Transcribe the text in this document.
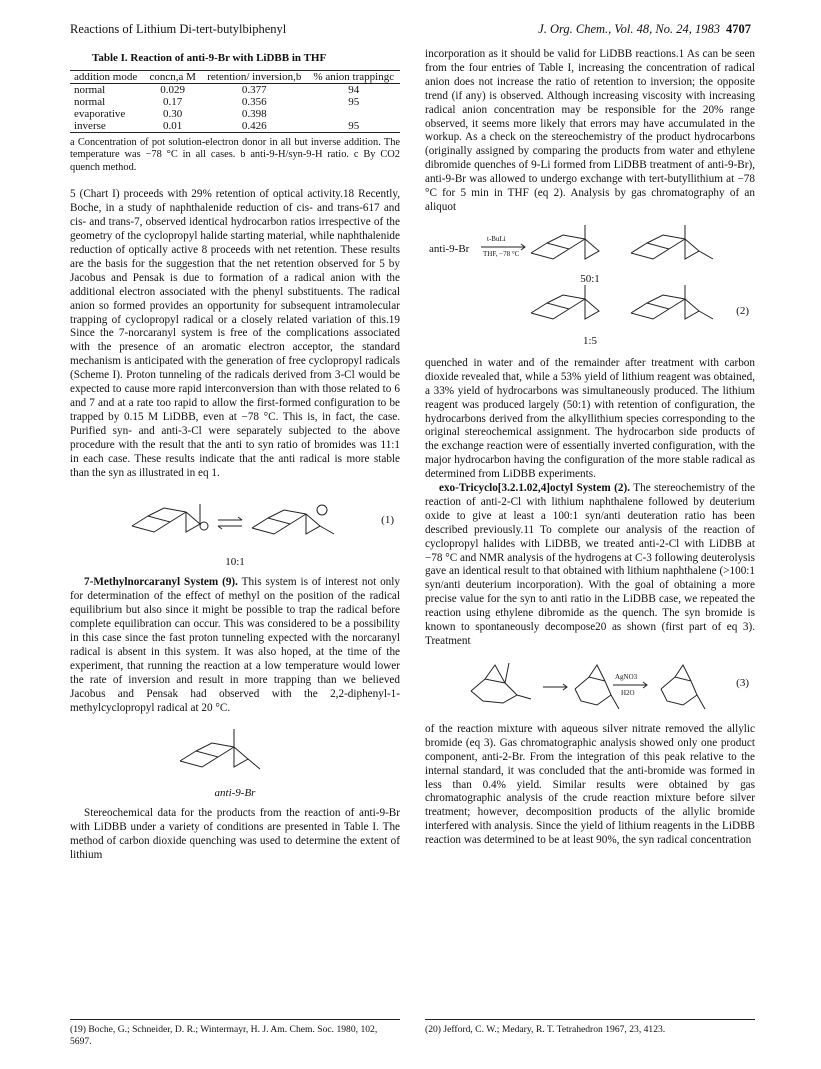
Reactions of Lithium Di-tert-butylbiphenyl	J. Org. Chem., Vol. 48, No. 24, 1983 4707
Table I. Reaction of anti-9-Br with LiDBB in THF
addition mode	concn,a M	retention/ inversion,b	% anion trappingc
normal	0.029	0.377	94
normal	0.17	0.356	95
evaporative	0.30	0.398	
inverse	0.01	0.426	95
a Concentration of pot solution-electron donor in all but inverse addition. The temperature was −78 °C in all cases. b anti-9-H/syn-9-H ratio. c By CO2 quench method.

5 (Chart I) proceeds with 29% retention of optical activity.18 Recently, Boche, in a study of naphthalenide reduction of cis- and trans-617 and cis- and trans-7, observed identical hydrocarbon ratios irrespective of the geometry of the cyclopropyl halide starting material, while naphthalenide reduction of optically active 8 proceeds with net retention. These results are the basis for the suggestion that the net retention observed for 5 by Jacobus and Pensak is due to formation of a radical anion with the additional electron associated with the phenyl substituents. The radical anion so formed provides an opportunity for subsequent intramolecular trapping of cyclopropyl radical or a closely related variation of this.19 Since the 7-norcaranyl system is free of the complications associated with the presence of an aromatic electron acceptor, the standard mechanism is anticipated with the generation of free cyclopropyl radicals (Scheme I). Proton tunneling of the radicals derived from 3-Cl would be expected to cause more rapid interconversion than with those related to 6 and 7 and at a rate too rapid to allow the first-formed configuration to be trapped by 0.15 M LiDBB, even at −78 °C. This is, in fact, the case. Purified syn- and anti-3-Cl were separately subjected to the above procedure with the result that the anti to syn ratio of bromides was 11:1 in each case. These results indicate that the anti radical is more stable than the syn as illustrated in eq 1.

(1)
10:1

7-Methylnorcaranyl System (9). This system is of interest not only for determination of the effect of methyl on the position of the radical equilibrium but also since it might be possible to trap the radical before complete equilibration can occur. This was considered to be a possibility in this case since the fast proton tunneling expected with the norcaranyl radical is absent in this system. It was also hoped, at the time of the experiment, that running the reaction at a low temperature would lower the rate of inversion and result in more trapping than we believed Jacobus and Pensak had observed with the 2,2-diphenyl-1-methylcyclopropyl radical at 20 °C.

anti-9-Br

Stereochemical data for the products from the reaction of anti-9-Br with LiDBB under a variety of conditions are presented in Table I. The method of carbon dioxide quenching was used to determine the extent of lithium

incorporation as it should be valid for LiDBB reactions.1 As can be seen from the four entries of Table I, increasing the concentration of radical anion does not increase the ratio of retention to inversion; the opposite trend (if any) is observed. Although increasing viscosity with increasing radical anion concentration may be responsible for the 20% range observed, it seems more likely that errors may have accumulated in the workup. As a check on the stereochemistry of the product hydrocarbons (originally assigned by comparing the products from water and ethylene dibromide quenches of 9-Li formed from LiDBB treatment of anti-9-Br), anti-9-Br was allowed to undergo exchange with tert-butyllithium at −78 °C for 5 min in THF (eq 2). Analysis by gas chromatography of an aliquot

anti-9-Br
t-BuLi
THF, −78 °C
50:1
1:5
(2)

quenched in water and of the remainder after treatment with carbon dioxide revealed that, while a 53% yield of lithium reagent was obtained, a 33% yield of hydrocarbons was simultaneously produced. The lithium reagent was produced largely (50:1) with retention of configuration, the hydrocarbons derived from the alkyllithium species corresponding to the original stereochemical assignment. The hydrocarbon side products of the exchange reaction were of essentially inverted configuration, with the major hydrocarbon having the configuration of the more stable radical as determined from LiDBB experiments.

exo-Tricyclo[3.2.1.02,4]octyl System (2). The stereochemistry of the reaction of anti-2-Cl with lithium naphthalene followed by deuterium oxide to give at least a 100:1 syn/anti deuteration ratio has been described previously.11 To complete our analysis of the reaction of cyclopropyl halides with LiDBB, we treated anti-2-Cl with LiDBB at −78 °C and NMR analysis of the hydrogens at C-3 following deuterolysis gave an identical result to that obtained with lithium naphthalene (>100:1 syn/anti deuterium incorporation). With the goal of obtaining a more precise value for the syn to anti ratio in the LiDBB case, we repeated the reaction using ethylene dibromide as the quench. The syn bromide is known to spontaneously decompose20 as shown (first part of eq 3). Treatment

AgNO3
H2O
(3)

of the reaction mixture with aqueous silver nitrate removed the allylic bromide (eq 3). Gas chromatographic analysis showed only one product component, anti-2-Br. From the integration of this peak relative to the internal standard, it was concluded that the anti-bromide was formed in less than 0.4% yield. Similar results were obtained by gas chromatographic analysis of the crude reaction mixture before silver treatment; however, decomposition products of the allylic bromide interfered with analysis. Since the yield of lithium reagents in the LiDBB reaction was determined to be at least 90%, the syn radical concentration

(19) Boche, G.; Schneider, D. R.; Wintermayr, H. J. Am. Chem. Soc. 1980, 102, 5697.
(20) Jefford, C. W.; Medary, R. T. Tetrahedron 1967, 23, 4123.
